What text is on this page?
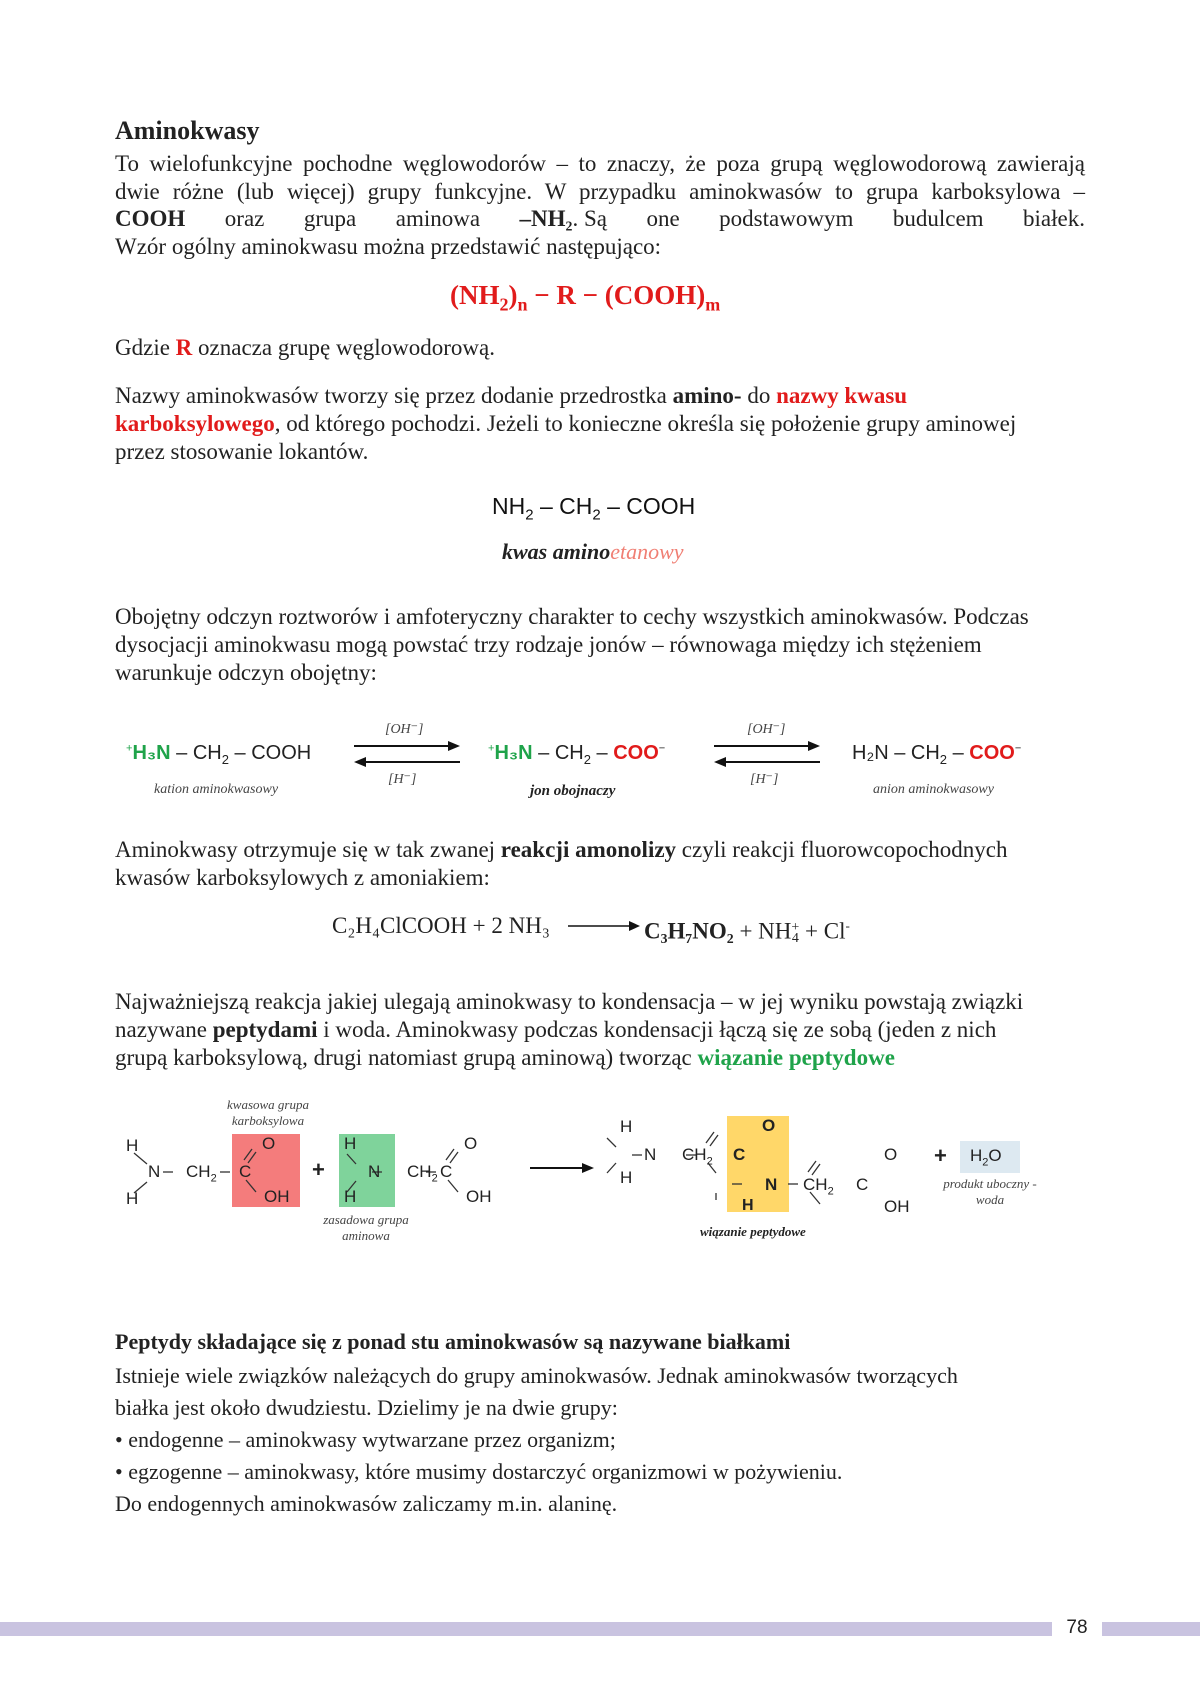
Aminokwasy
To wielofunkcyjne pochodne węglowodorów – to znaczy, że poza grupą węglowodorową zawierają
dwie różne (lub więcej) grupy funkcyjne. W przypadku aminokwasów to grupa karboksylowa –
COOH oraz grupa aminowa –NH₂. Są one podstawowym budulcem białek.
Wzór ogólny aminokwasu można przedstawić następująco:
$(NH_2)_n - R$ − $(COOH)_m$
Gdzie R oznacza grupę węglowodorową.
Nazwy aminokwasów tworzy się przez dodanie przedrostka amino- do nazwy kwasu
karboksylowego, od którego pochodzi. Jeżeli to konieczne określa się położenie grupy aminowej
przez stosowanie lokantów.
$NH_2 - CH_2$ – COOH
kwas aminoetanowy
Obojętny odczyn roztworów i amfoteryczny charakter to cechy wszystkich aminokwasów. Podczas
dysocjacji aminokwasu mogą powstać trzy rodzaje jonów – równowaga między ich stężeniem
warunkuje odczyn obojętny:
$^+H_3N - CH_2$ – COOH
kation aminokwasowy
[OH⁻]
[H⁻]
$^+H_3N - CH_2 - COO^-$
jon obojnaczy
[OH⁻]
[H⁻]
$H_2N - CH_2 - COO^-$
anion aminokwasowy
Aminokwasy otrzymuje się w tak zwanej reakcji amonolizy czyli reakcji fluorowcopochodnych
kwasów karboksylowych z amoniakiem:
C₂H₄ClCOOH + 2 NH₃	C₃H₇NO₂ + NH +
4 + Cl-
Najważniejszą reakcja jakiej ulegają aminokwasy to kondensacja – w jej wyniku powstają związki
nazywane peptydami i woda. Aminokwasy podczas kondensacji łączą się ze sobą (jeden z nich
grupą karboksylową, drugi natomiast grupą aminową) tworząc wiązanie peptydowe
kwasowa grupa karboksylowa
H
H
N $CH_2$ C
O
OH
+
H
H
N $CH_2$ C
O
OH
zasadowa grupa aminowa
H
H
N $CH_2$ C
O
N
H
$CH_2$ C
O
OH
wiązanie peptydowe
+ $H_2O$
produkt uboczny - woda
Peptydy składające się z ponad stu aminokwasów są nazywane białkami
Istnieje wiele związków należących do grupy aminokwasów. Jednak aminokwasów tworzących
białka jest około dwudziestu. Dzielimy je na dwie grupy:
• endogenne – aminokwasy wytwarzane przez organizm;
• egzogenne – aminokwasy, które musimy dostarczyć organizmowi w pożywieniu.
Do endogennych aminokwasów zaliczamy m.in. alaninę.
78
